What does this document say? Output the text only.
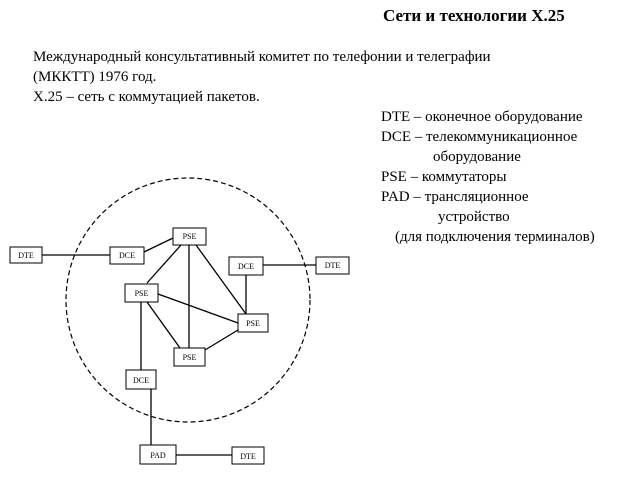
Сети и технологии X.25
Международный консультативный комитет по телефонии и телеграфии
(МККТТ) 1976 год.
X.25 – сеть с коммутацией пакетов.
DTE – оконечное оборудование
DCE – телекоммуникационное
оборудование
PSE – коммутаторы
PAD – трансляционное
устройство
(для подключения терминалов)
DTE	DCE
PSE
DCE	DTE
PSE
PSE
PSE
DCE
PAD	DTE
